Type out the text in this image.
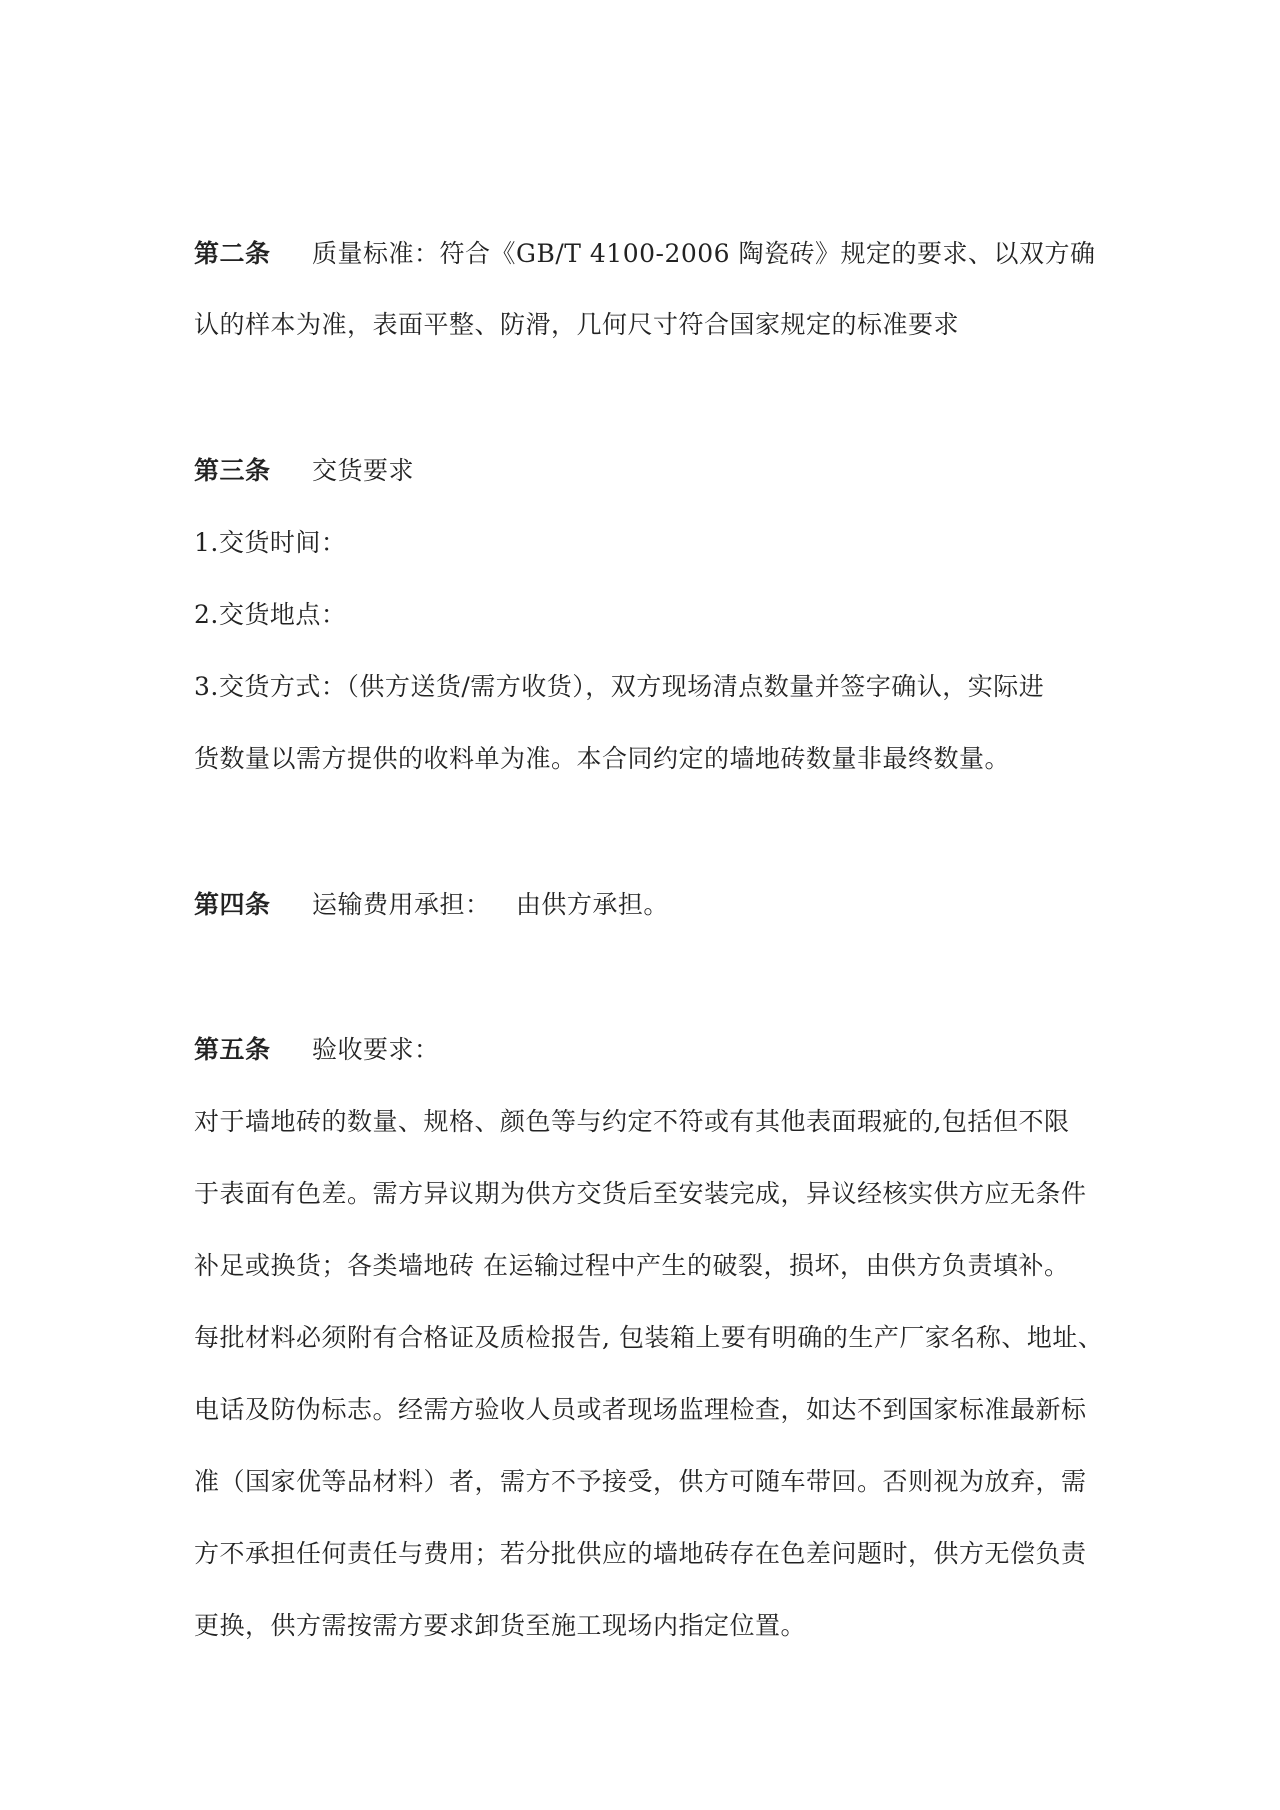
第二条 质量标准：符合《GB/T 4100-2006 陶瓷砖》规定的要求、以双方确
认的样本为准，表面平整、防滑，几何尺寸符合国家规定的标准要求
第三条 交货要求
1.交货时间：
2.交货地点：
3.交货方式：（供方送货/需方收货），双方现场清点数量并签字确认，实际进
货数量以需方提供的收料单为准。本合同约定的墙地砖数量非最终数量。
第四条 运输费用承担：   由供方承担。
第五条 验收要求：
对于墙地砖的数量、规格、颜色等与约定不符或有其他表面瑕疵的,包括但不限
于表面有色差。需方异议期为供方交货后至安装完成，异议经核实供方应无条件
补足或换货；各类墙地砖 在运输过程中产生的破裂，损坏，由供方负责填补。
每批材料必须附有合格证及质检报告, 包装箱上要有明确的生产厂家名称、地址、
电话及防伪标志。经需方验收人员或者现场监理检查，如达不到国家标准最新标
准（国家优等品材料）者，需方不予接受，供方可随车带回。否则视为放弃，需
方不承担任何责任与费用；若分批供应的墙地砖存在色差问题时，供方无偿负责
更换，供方需按需方要求卸货至施工现场内指定位置。
